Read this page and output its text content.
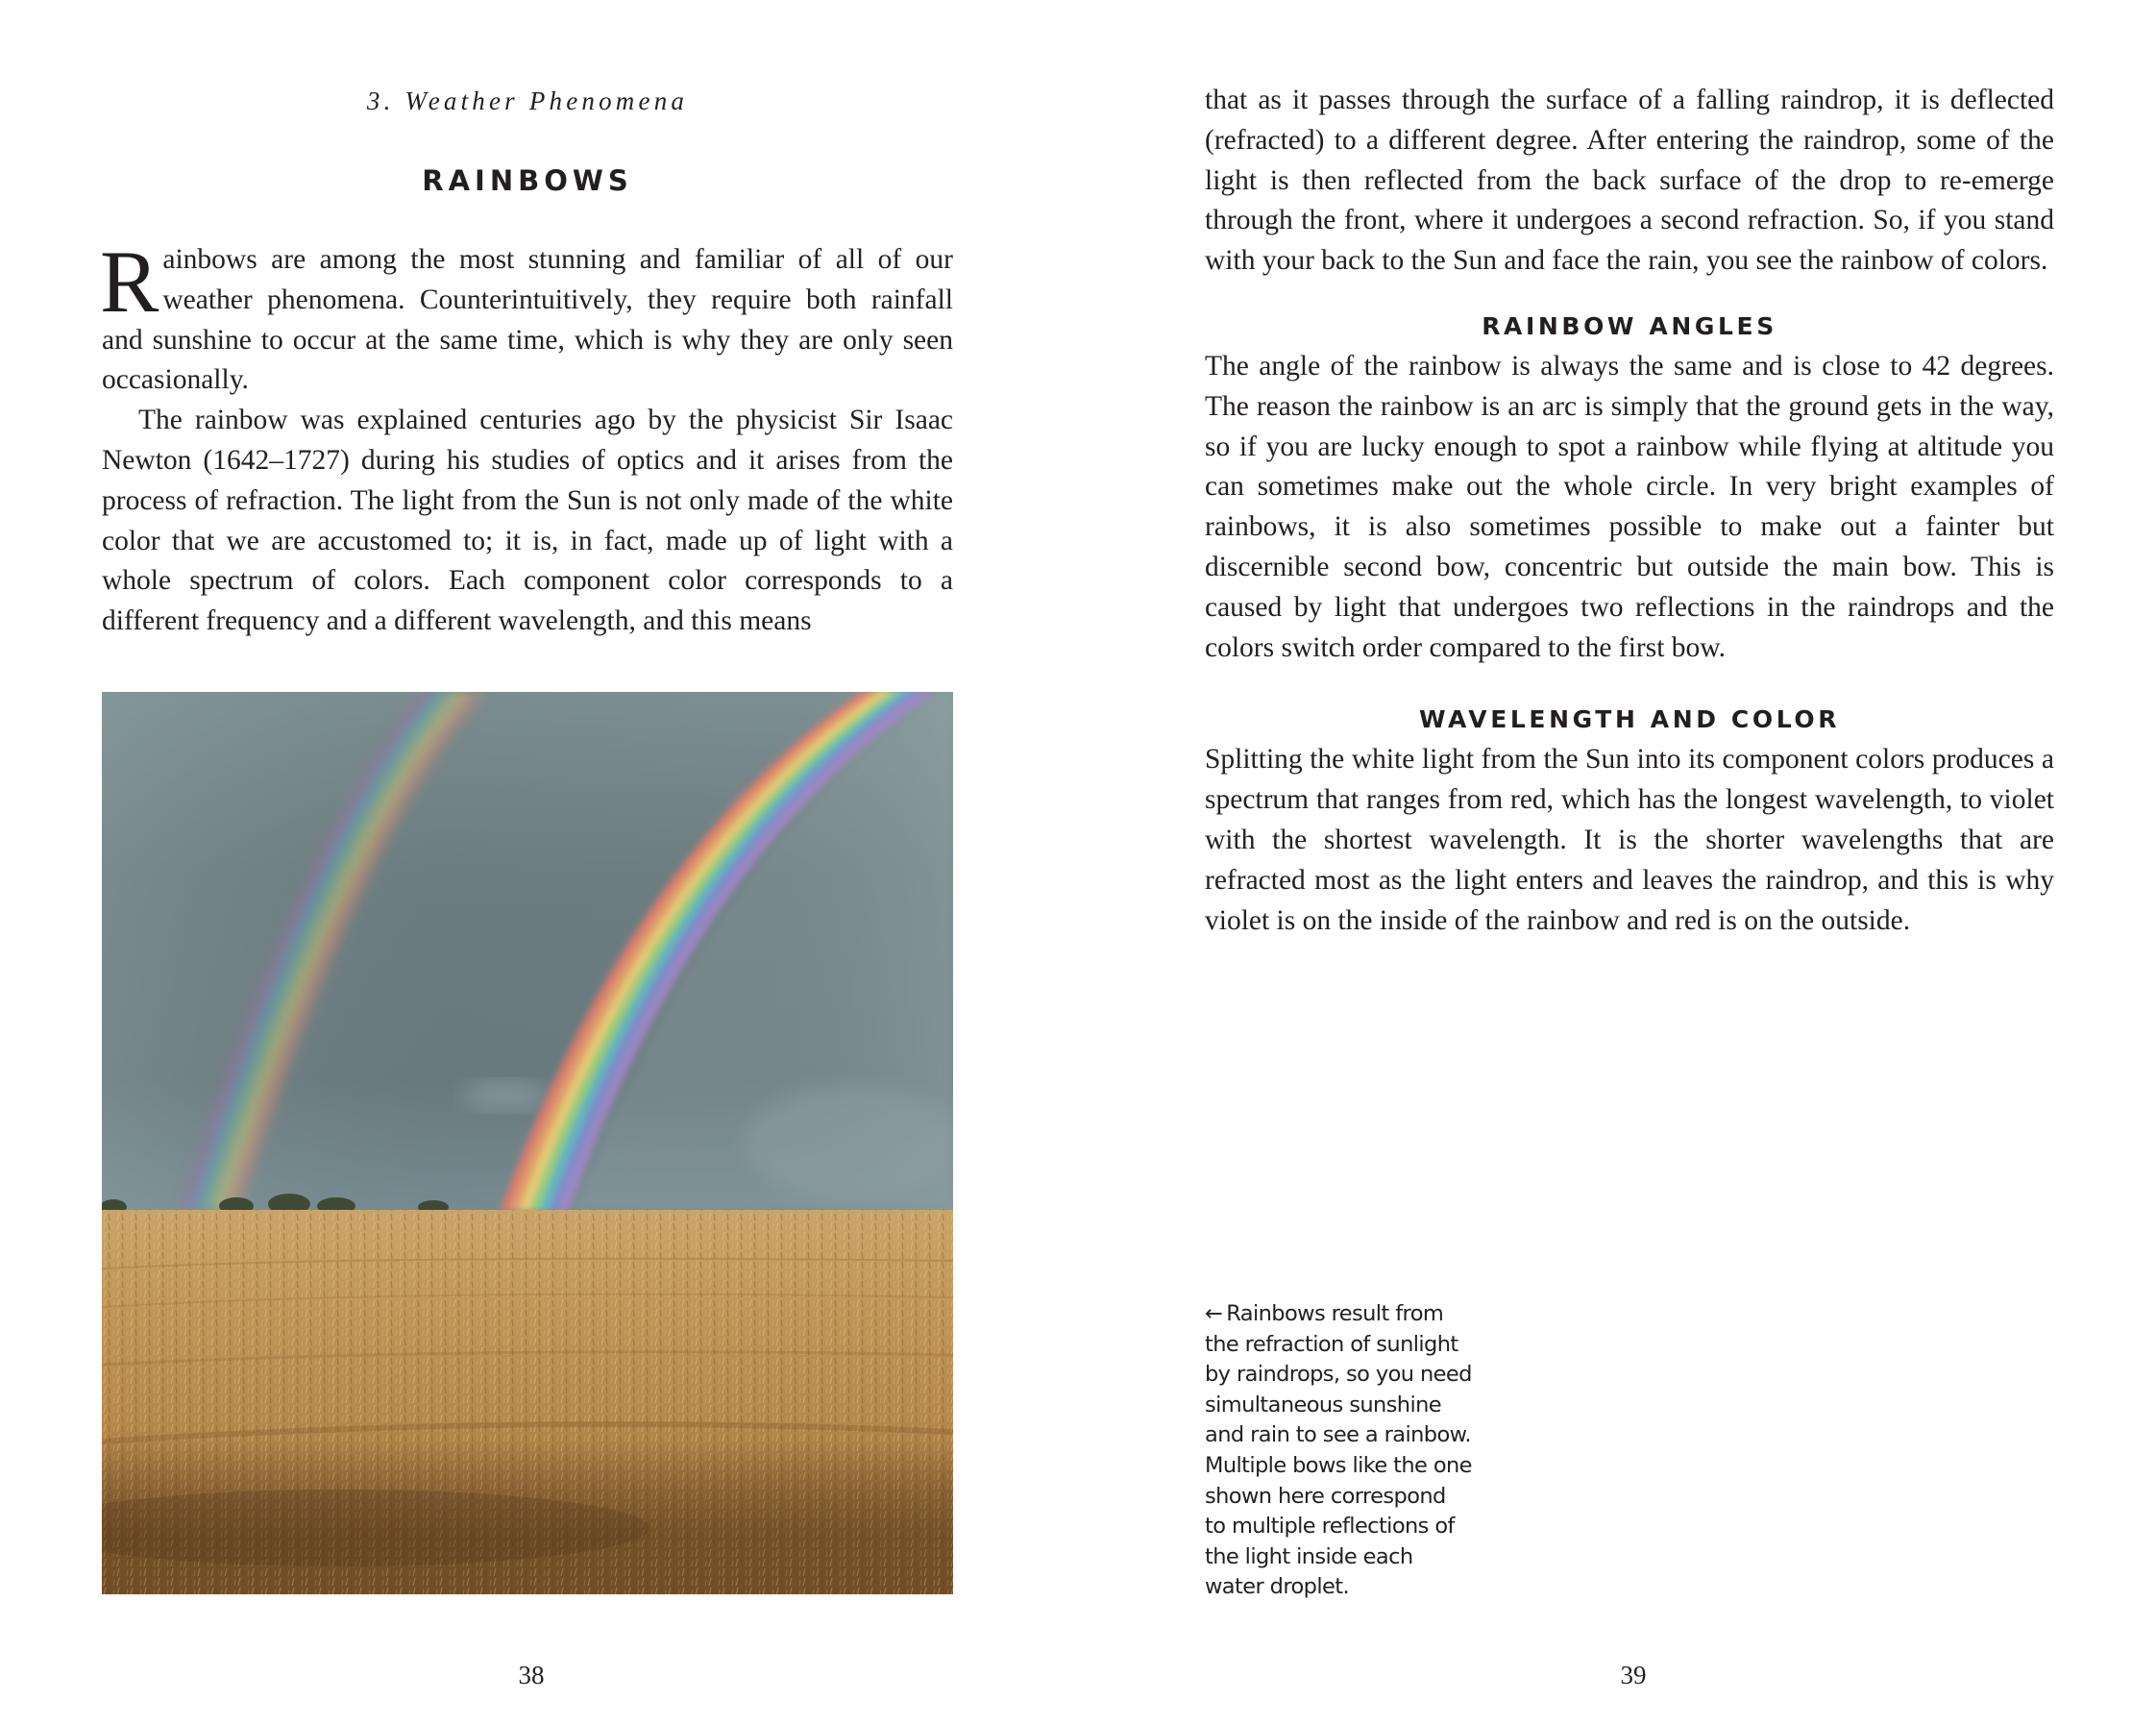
3. Weather Phenomena
RAINBOWS

Rainbows are among the most stunning and familiar of all of our weather phenomena. Counterintuitively, they require both rainfall and sunshine to occur at the same time, which is why they are only seen occasionally.

The rainbow was explained centuries ago by the physicist Sir Isaac Newton (1642–1727) during his studies of optics and it arises from the process of refraction. The light from the Sun is not only made of the white color that we are accustomed to; it is, in fact, made up of light with a whole spectrum of colors. Each component color corresponds to a different frequency and a different wavelength, and this means

38

that as it passes through the surface of a falling raindrop, it is deflected (refracted) to a different degree. After entering the raindrop, some of the light is then reflected from the back surface of the drop to re-emerge through the front, where it undergoes a second refraction. So, if you stand with your back to the Sun and face the rain, you see the rainbow of colors.

RAINBOW ANGLES

The angle of the rainbow is always the same and is close to 42 degrees. The reason the rainbow is an arc is simply that the ground gets in the way, so if you are lucky enough to spot a rainbow while flying at altitude you can sometimes make out the whole circle. In very bright examples of rainbows, it is also sometimes possible to make out a fainter but discernible second bow, concentric but outside the main bow. This is caused by light that undergoes two reflections in the raindrops and the colors switch order compared to the first bow.

WAVELENGTH AND COLOR

Splitting the white light from the Sun into its component colors produces a spectrum that ranges from red, which has the longest wavelength, to violet with the shortest wavelength. It is the shorter wavelengths that are refracted most as the light enters and leaves the raindrop, and this is why violet is on the inside of the rainbow and red is on the outside.

← Rainbows result from
the refraction of sunlight
by raindrops, so you need
simultaneous sunshine
and rain to see a rainbow.
Multiple bows like the one
shown here correspond
to multiple reflections of
the light inside each
water droplet.
39
